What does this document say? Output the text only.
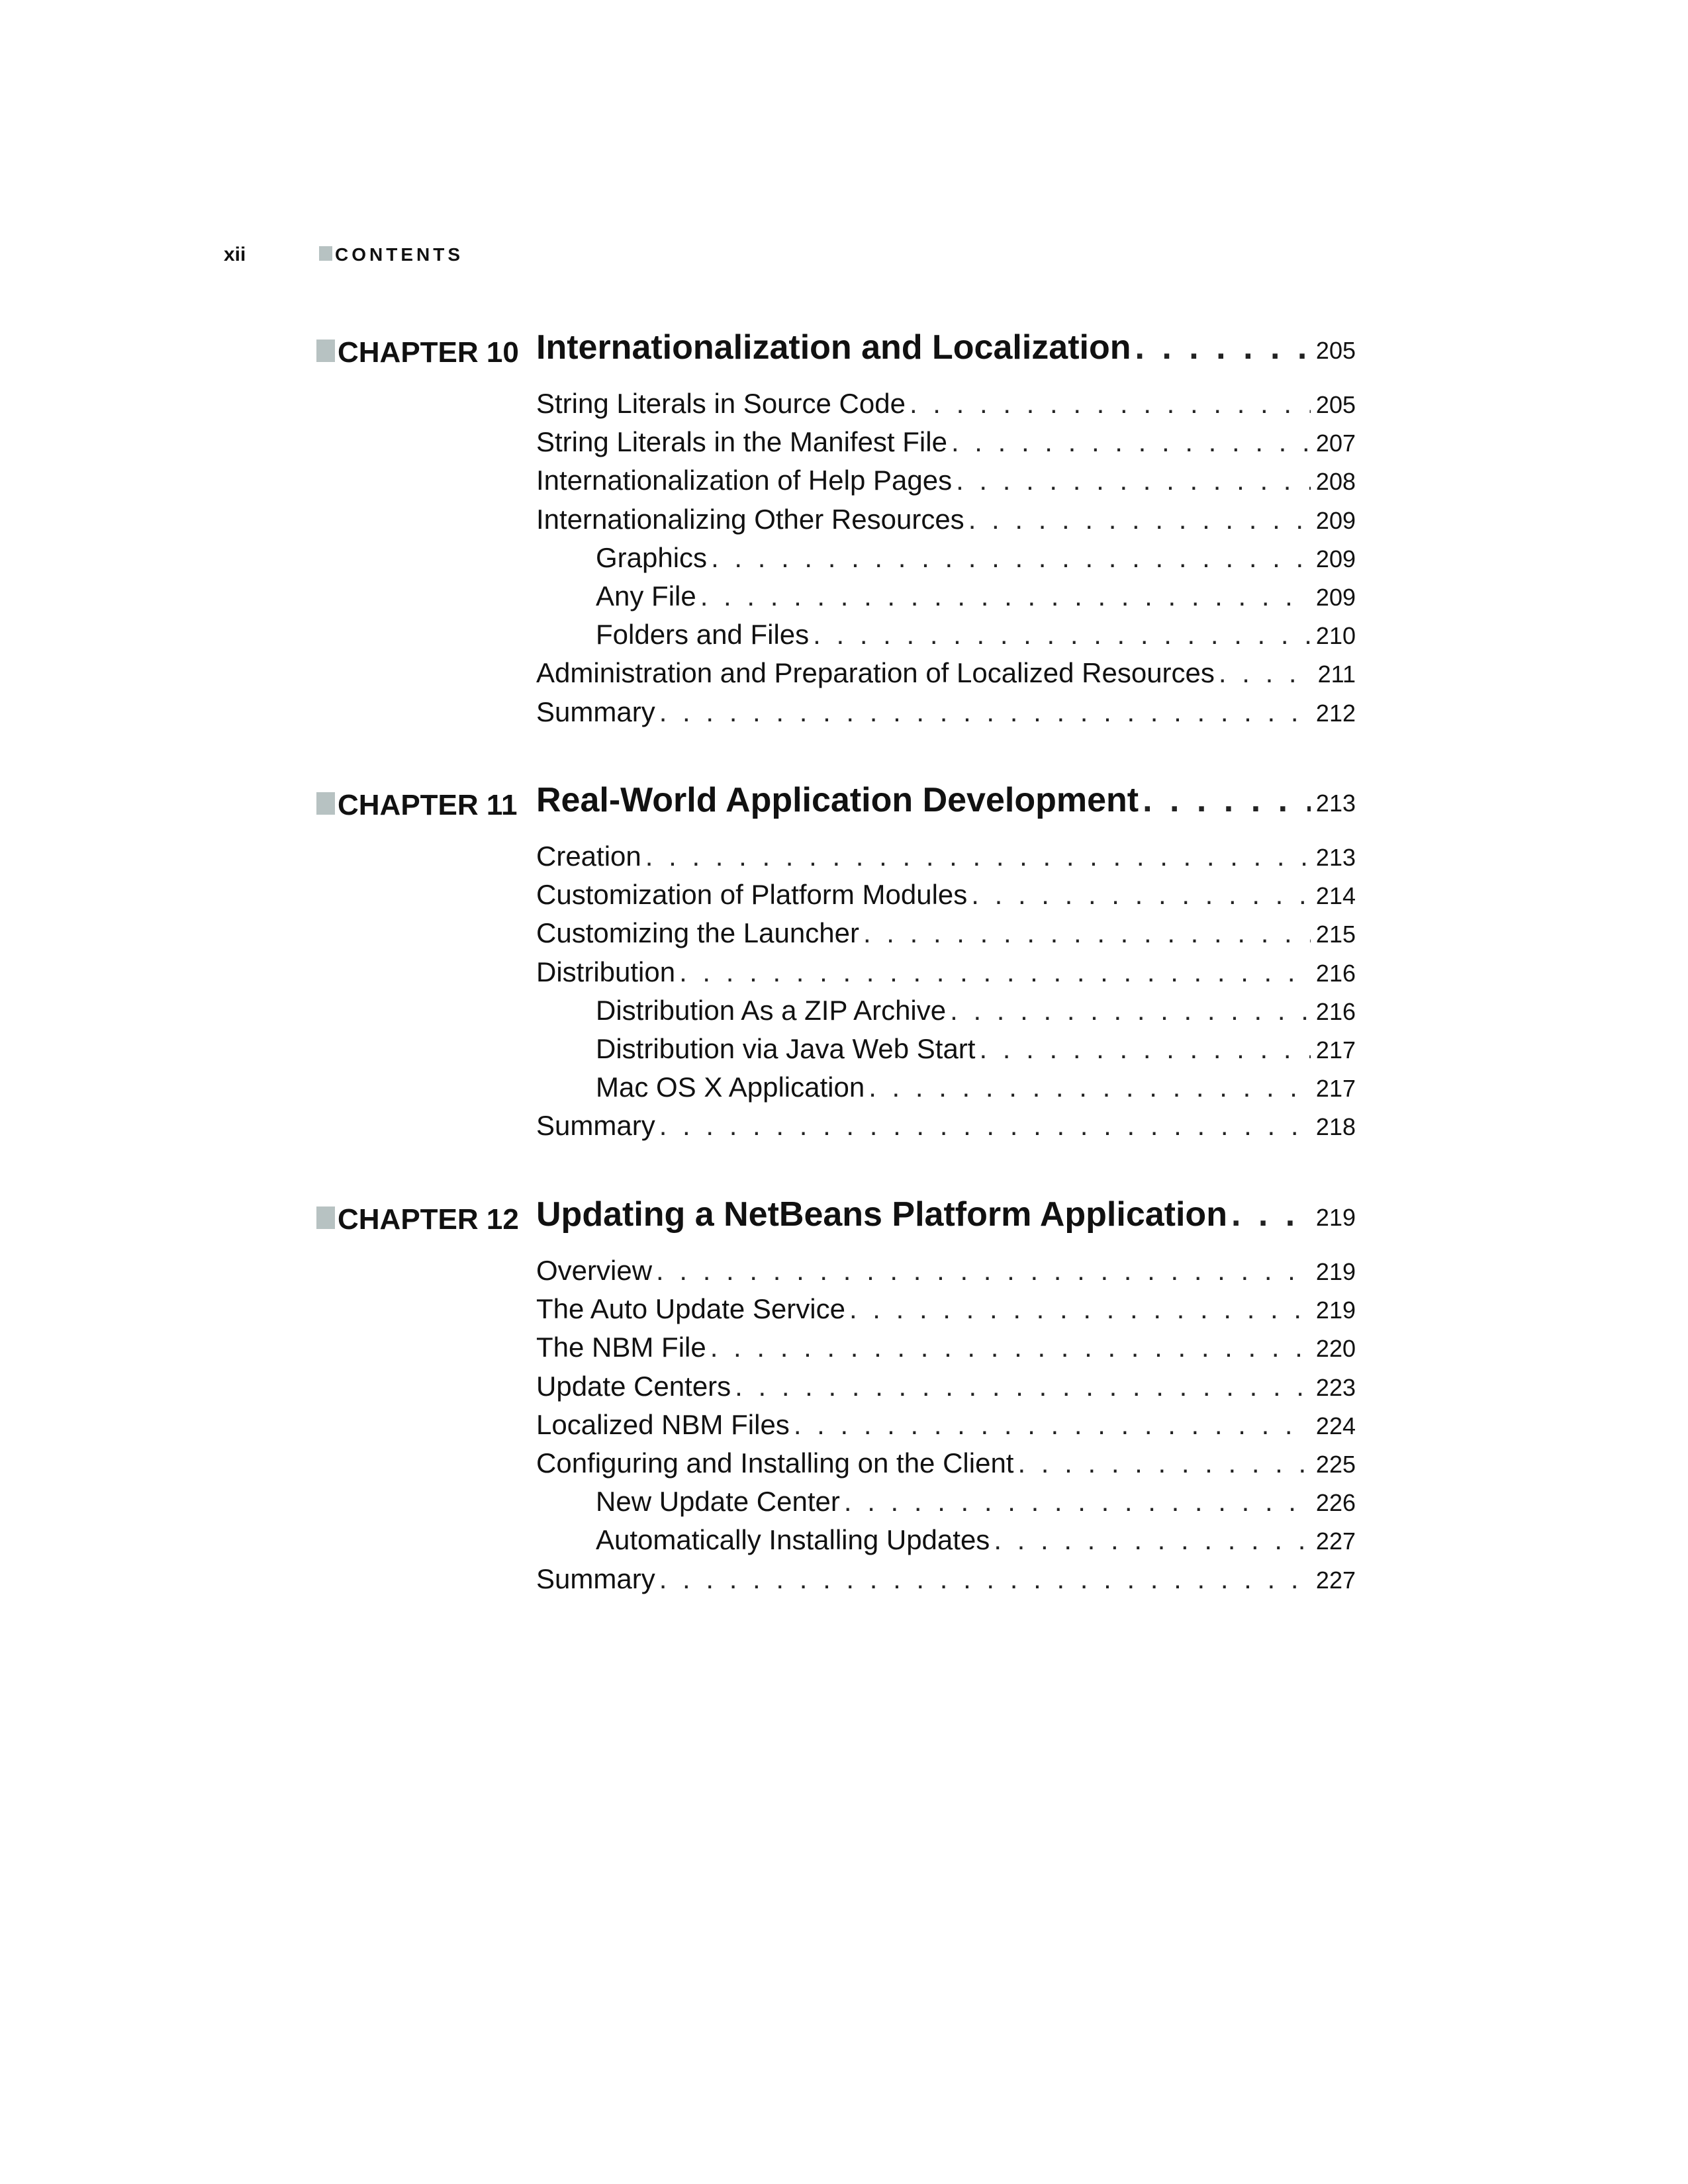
xii	CONTENTS
CHAPTER 10 Internationalization and Localization . . .	205
String Literals in Source Code . . .	205
String Literals in the Manifest File . . .	207
Internationalization of Help Pages . . .	208
Internationalizing Other Resources . . .	209
Graphics . . .	209
Any File . . .	209
Folders and Files . . .	210
Administration and Preparation of Localized Resources . . .	211
Summary . . .	212
CHAPTER 11 Real-World Application Development . . .	213
Creation . . .	213
Customization of Platform Modules . . .	214
Customizing the Launcher . . .	215
Distribution . . .	216
Distribution As a ZIP Archive . . .	216
Distribution via Java Web Start . . .	217
Mac OS X Application . . .	217
Summary . . .	218
CHAPTER 12 Updating a NetBeans Platform Application . . .	219
Overview . . .	219
The Auto Update Service . . .	219
The NBM File . . .	220
Update Centers . . .	223
Localized NBM Files . . .	224
Configuring and Installing on the Client . . .	225
New Update Center . . .	226
Automatically Installing Updates . . .	227
Summary . . .	227
